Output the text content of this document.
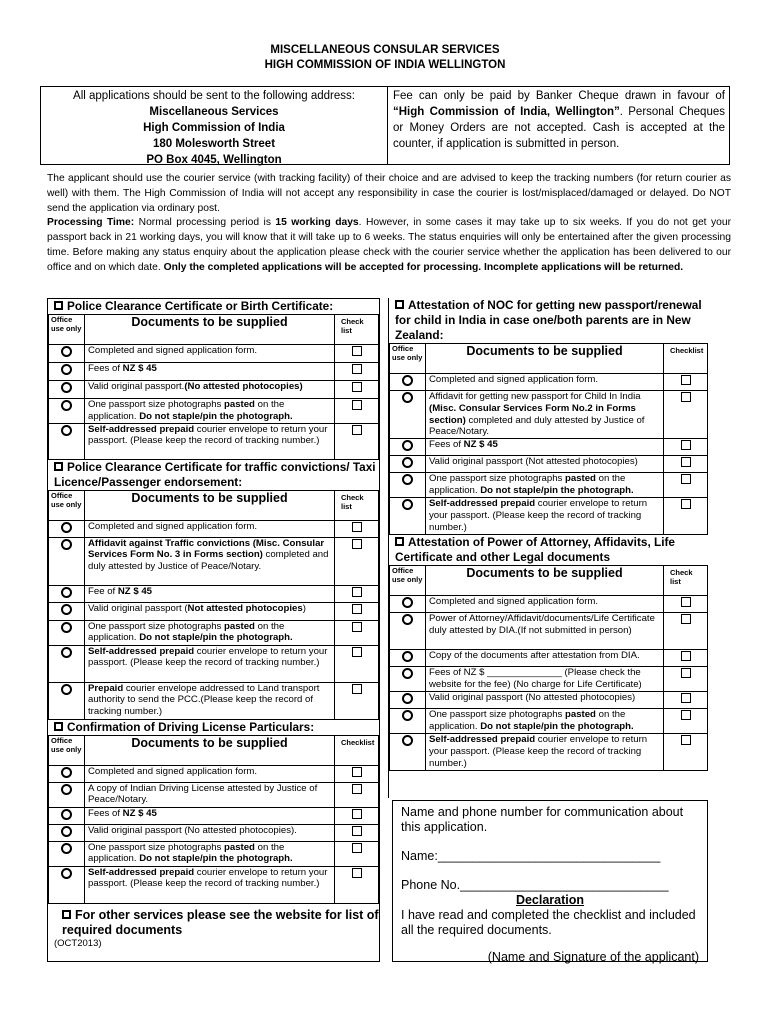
MISCELLANEOUS CONSULAR SERVICES
HIGH COMMISSION OF INDIA WELLINGTON
All applications should be sent to the following address:
Miscellaneous Services
High Commission of India
180 Molesworth Street
PO Box 4045, Wellington
Fee can only be paid by Banker Cheque drawn in favour of “High Commission of India, Wellington”. Personal Cheques or Money Orders are not accepted. Cash is accepted at the counter, if application is submitted in person.
The applicant should use the courier service (with tracking facility) of their choice and are advised to keep the tracking numbers (for return courier as well) with them. The High Commission of India will not accept any responsibility in case the courier is lost/misplaced/damaged or delayed. Do NOT send the application via ordinary post.
Processing Time: Normal processing period is 15 working days. However, in some cases it may take up to six weeks. If you do not get your passport back in 21 working days, you will know that it will take up to 6 weeks. The status enquiries will only be entertained after the given processing time. Before making any status enquiry about the application please check with the courier service whether the application has been delivered to our office and on which date. Only the completed applications will be accepted for processing. Incomplete applications will be returned.
Police Clearance Certificate or Birth Certificate:
Office use only	Documents to be supplied	Check list
	Completed and signed application form.	
	Fees of NZ $ 45	
	Valid original passport.(No attested photocopies)	
	One passport size photographs pasted on the application. Do not staple/pin the photograph.	
	Self-addressed prepaid courier envelope to return your passport. (Please keep the record of tracking number.)	
Police Clearance Certificate for traffic convictions/ Taxi Licence/Passenger endorsement:
Office use only	Documents to be supplied	Check list
	Completed and signed application form.	
	Affidavit against Traffic convictions (Misc. Consular Services Form No. 3 in Forms section) completed and duly attested by Justice of Peace/Notary.	
	Fee of NZ $ 45	
	Valid original passport (Not attested photocopies)	
	One passport size photographs pasted on the application. Do not staple/pin the photograph.	
	Self-addressed prepaid courier envelope to return your passport. (Please keep the record of tracking number.)	
	Prepaid courier envelope addressed to Land transport authority to send the PCC.(Please keep the record of tracking number.)	
Confirmation of Driving License Particulars:
Office use only	Documents to be supplied	Checklist
	Completed and signed application form.	
	A copy of Indian Driving License attested by Justice of Peace/Notary.	
	Fees of NZ $ 45	
	Valid original passport (No attested photocopies).	
	One passport size photographs pasted on the application. Do not staple/pin the photograph.	
	Self-addressed prepaid courier envelope to return your passport. (Please keep the record of tracking number.)	
For other services please see the website for list of required documents
(OCT2013)
Attestation of NOC for getting new passport/renewal for child in India in case one/both parents are in New Zealand:
Office use only	Documents to be supplied	Checklist
	Completed and signed application form.	
	Affidavit for getting new passport for Child In India (Misc. Consular Services Form No.2 in Forms section) completed and duly attested by Justice of Peace/Notary.	
	Fees of NZ $ 45	
	Valid original passport (Not attested photocopies)	
	One passport size photographs pasted on the application. Do not staple/pin the photograph.	
	Self-addressed prepaid courier envelope to return your passport. (Please keep the record of tracking number.)	
Attestation of Power of Attorney, Affidavits, Life Certificate and other Legal documents
Office use only	Documents to be supplied	Check list
	Completed and signed application form.	
	Power of Attorney/Affidavit/documents/Life Certificate duly attested by DIA.(If not submitted in person)	
	Copy of the documents after attestation from DIA.	
	Fees of NZ $ ______________ (Please check the website for the fee) (No charge for Life Certificate)	
	Valid original passport (No attested photocopies)	
	One passport size photographs pasted on the application. Do not staple/pin the photograph.	
	Self-addressed prepaid courier envelope to return your passport. (Please keep the record of tracking number.)	
Name and phone number for communication about this application.
Name:________________________________
Phone No.______________________________
Declaration
I have read and completed the checklist and included all the required documents.
(Name and Signature of the applicant)
